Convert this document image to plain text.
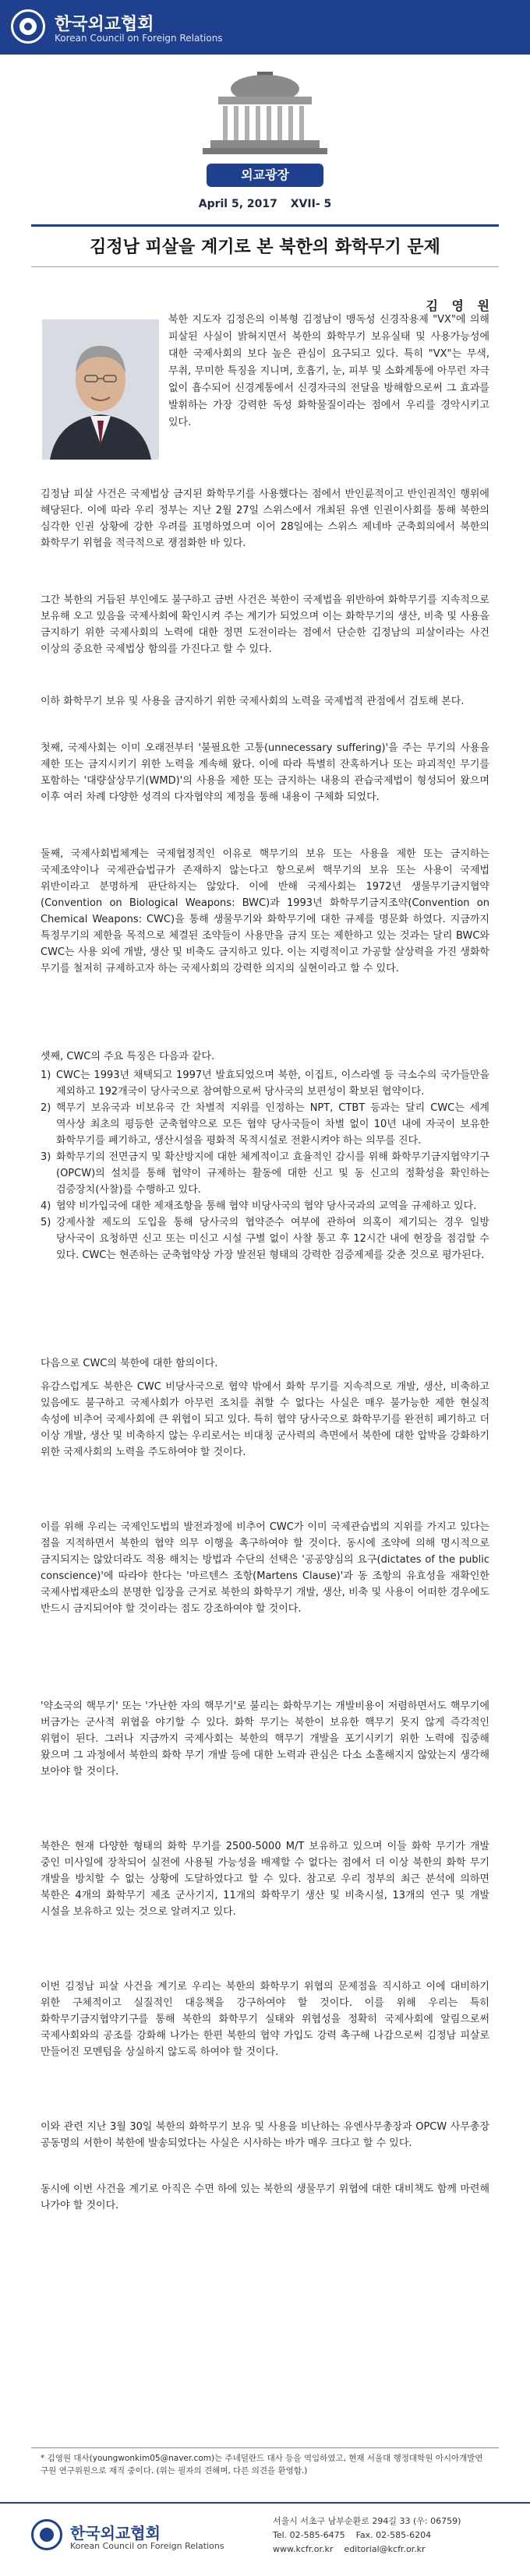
한국외교협회
Korean Council on Foreign Relations
외교광장
April 5, 2017 XVII- 5
김정남 피살을 계기로 본 북한의 화학무기 문제
김 영 원

북한 지도자 김정은의 이복형 김정남이 맹독성 신경작용제 "VX"에 의해 피살된 사실이 밝혀지면서 북한의 화학무기 보유실태 및 사용가능성에 대한 국제사회의 보다 높은 관심이 요구되고 있다. 특히 "VX"는 무색, 무취, 무미한 특징을 지니며, 호흡기, 눈, 피부 및 소화계통에 아무런 자극 없이 흡수되어 신경계통에서 신경자극의 전달을 방해함으로써 그 효과를 발휘하는 가장 강력한 독성 화학물질이라는 점에서 우리를 경악시키고 있다.

김정남 피살 사건은 국제법상 금지된 화학무기를 사용했다는 점에서 반인륜적이고 반인권적인 행위에 해당된다. 이에 따라 우리 정부는 지난 2월 27일 스위스에서 개최된 유엔 인권이사회를 통해 북한의 심각한 인권 상황에 강한 우려를 표명하였으며 이어 28일에는 스위스 제네바 군축회의에서 북한의 화학무기 위협을 적극적으로 쟁점화한 바 있다.

그간 북한의 거듭된 부인에도 불구하고 금번 사건은 북한이 국제법을 위반하여 화학무기를 지속적으로 보유해 오고 있음을 국제사회에 확인시켜 주는 계기가 되었으며 이는 화학무기의 생산, 비축 및 사용을 금지하기 위한 국제사회의 노력에 대한 정면 도전이라는 점에서 단순한 김정남의 피살이라는 사건 이상의 중요한 국제법상 함의를 가진다고 할 수 있다.

이하 화학무기 보유 및 사용을 금지하기 위한 국제사회의 노력을 국제법적 관점에서 검토해 본다.

첫째, 국제사회는 이미 오래전부터 '불필요한 고통(unnecessary suffering)'을 주는 무기의 사용을 제한 또는 금지시키기 위한 노력을 계속해 왔다. 이에 따라 특별히 잔혹하거나 또는 파괴적인 무기를 포함하는 '대량살상무기(WMD)'의 사용을 제한 또는 금지하는 내용의 관습국제법이 형성되어 왔으며 이후 여러 차례 다양한 성격의 다자협약의 제정을 통해 내용이 구체화 되었다.

둘째, 국제사회법체계는 국제협정적인 이유로 핵무기의 보유 또는 사용을 제한 또는 금지하는 국제조약이나 국제관습법규가 존재하지 않는다고 항으로써 핵무기의 보유 또는 사용이 국제법 위반이라고 분명하게 판단하지는 않았다. 이에 반해 국제사회는 1972년 생물무기금지협약(Convention on Biological Weapons: BWC)과 1993년 화학무기금지조약(Convention on Chemical Weapons: CWC)을 통해 생물무기와 화학무기에 대한 규제를 명문화 하였다. 지금까지 특정무기의 제한을 목적으로 체결된 조약들이 사용만을 금지 또는 제한하고 있는 것과는 달리 BWC와 CWC는 사용 외에 개발, 생산 및 비축도 금지하고 있다. 이는 지령적이고 가공할 살상력을 가진 생화학 무기를 철저히 규제하고자 하는 국제사회의 강력한 의지의 실현이라고 할 수 있다.

셋째, CWC의 주요 특징은 다음과 같다.

1) CWC는 1993년 채택되고 1997년 발효되었으며 북한, 이집트, 이스라엘 등 극소수의 국가들만을 제외하고 192개국이 당사국으로 참여함으로써 당사국의 보편성이 확보된 협약이다.
2) 핵무기 보유국과 비보유국 간 차별적 지위를 인정하는 NPT, CTBT 등과는 달리 CWC는 세계 역사상 최초의 평등한 군축협약으로 모든 협약 당사국들이 차별 없이 10년 내에 자국이 보유한 화학무기를 폐기하고, 생산시설을 평화적 목적시설로 전환시켜야 하는 의무를 진다.
3) 화학무기의 전면금지 및 확산방지에 대한 체계적이고 효율적인 감시를 위해 화학무기금지협약기구(OPCW)의 설치를 통해 협약이 규제하는 활동에 대한 신고 및 동 신고의 정확성을 확인하는 검증장치(사찰)를 수행하고 있다.
4) 협약 비가입국에 대한 제재조항을 통해 협약 비당사국의 협약 당사국과의 교역을 규제하고 있다.
5) 강제사찰 제도의 도입을 통해 당사국의 협약준수 여부에 관하여 의혹이 제기되는 경우 일방 당사국이 요청하면 신고 또는 미신고 시설 구별 없이 사찰 통고 후 12시간 내에 현장을 점검할 수 있다. CWC는 현존하는 군축협약상 가장 발전된 형태의 강력한 검증제제를 갖춘 것으로 평가된다.

다음으로 CWC의 북한에 대한 함의이다.

유감스럽게도 북한은 CWC 비당사국으로 협약 밖에서 화학 무기를 지속적으로 개발, 생산, 비축하고 있음에도 불구하고 국제사회가 아무런 조치를 취할 수 없다는 사실은 매우 불가능한 제한 현실적 속성에 비추어 국제사회에 큰 위협이 되고 있다. 특히 협약 당사국으로 화학무기를 완전히 폐기하고 더 이상 개발, 생산 및 비축하지 않는 우리로서는 비대칭 군사력의 측면에서 북한에 대한 압박을 강화하기 위한 국제사회의 노력을 주도하여야 할 것이다.

이를 위해 우리는 국제인도법의 발전과정에 비추어 CWC가 이미 국제관습법의 지위를 가지고 있다는 점을 지적하면서 북한의 협약 의무 이행을 촉구하여야 할 것이다. 동시에 조약에 의해 명시적으로 금지되지는 않았더라도 적용 해치는 방법과 수단의 선택은 '공공양심의 요구(dictates of the public conscience)'에 따라야 한다는 '마르텐스 조항(Martens Clause)'과 동 조항의 유효성을 재확인한 국제사법재판소의 분명한 입장을 근거로 북한의 화학무기 개발, 생산, 비축 및 사용이 어떠한 경우에도 반드시 금지되어야 할 것이라는 점도 강조하여야 할 것이다.

'약소국의 핵무기' 또는 '가난한 자의 핵무기'로 불리는 화학무기는 개발비용이 저렴하면서도 핵무기에 버금가는 군사적 위협을 야기할 수 있다. 화학 무기는 북한이 보유한 핵무기 못지 않게 즉각적인 위협이 된다. 그러나 지금까지 국제사회는 북한의 핵무기 개발을 포기시키기 위한 노력에 집중해 왔으며 그 과정에서 북한의 화학 무기 개발 등에 대한 노력과 관심은 다소 소홀해지지 않았는지 생각해 보아야 할 것이다.

북한은 현재 다양한 형태의 화학 무기를 2500-5000 M/T 보유하고 있으며 이들 화학 무기가 개발 중인 미사일에 장착되어 실전에 사용될 가능성을 배제할 수 없다는 점에서 더 이상 북한의 화학 무기 개발을 방치할 수 없는 상황에 도달하였다고 할 수 있다. 참고로 우리 정부의 최근 분석에 의하면 북한은 4개의 화학무기 제조 군사기지, 11개의 화학무기 생산 및 비축시설, 13개의 연구 및 개발 시설을 보유하고 있는 것으로 알려지고 있다.

이번 김정남 피살 사건을 계기로 우리는 북한의 화학무기 위협의 문제점을 직시하고 이에 대비하기 위한 구체적이고 실질적인 대응책을 강구하여야 할 것이다. 이를 위해 우리는 특히 화학무기금지협약기구를 통해 북한의 화학무기 실태와 위협성을 정확히 국제사회에 알림으로써 국제사회와의 공조를 강화해 나가는 한편 북한의 협약 가입도 강력 촉구해 나감으로써 김정남 피살로 만들어진 모멘텀을 상실하지 않도록 하여야 할 것이다.

이와 관련 지난 3월 30일 북한의 화학무기 보유 및 사용을 비난하는 유엔사무총장과 OPCW 사무총장 공동명의 서한이 북한에 발송되었다는 사실은 시사하는 바가 매우 크다고 할 수 있다.

동시에 이번 사건을 계기로 아직은 수면 하에 있는 북한의 생물무기 위협에 대한 대비책도 함께 마련해 나가야 할 것이다.

* 김영원 대사(youngwonkim05@naver.com)는 주네덜란드 대사 등을 역임하였고, 현재 서울대 행정대학원 아시아개발연구원 연구위원으로 재직 중이다. (위는 필자의 견해며, 다른 의견을 환영함.)
한국외교협회
Korean Council on Foreign Relations
서울시 서초구 남부순환로 294길 33 (우: 06759)
Tel. 02-585-6475 Fax. 02-585-6204
www.kcfr.or.kr editorial@kcfr.or.kr
